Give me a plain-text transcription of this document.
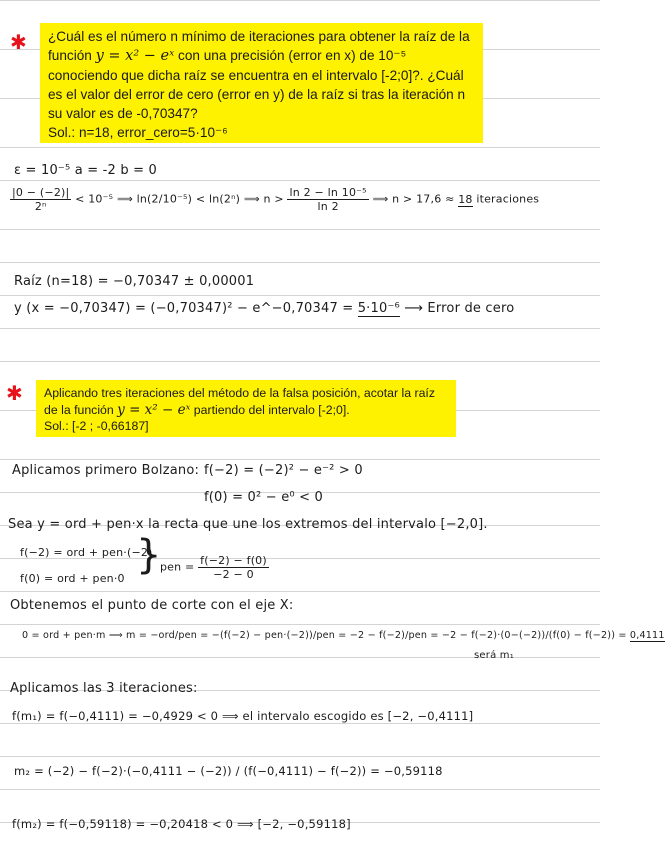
✱	¿Cuál es el número n mínimo de iteraciones para obtener la raíz de la función y = x² − eˣ con una precisión (error en x) de 10⁻⁵ conociendo que dicha raíz se encuentra en el intervalo [-2;0]?. ¿Cuál es el valor del error de cero (error en y) de la raíz si tras la iteración n su valor es de -0,70347?
Sol.: n=18, error_cero=5·10⁻⁶
ε = 10⁻⁵ a = -2 b = 0
$\frac{|0 - (-2)|}{\text{2ⁿ}} < 10^{-5}$ ⟹ ln(2/10⁻⁵) < ln(2ⁿ) ⟹ $n > \frac{\text{ln 2 − ln 10⁻⁵}}{\ln 2}$ ⟹ n > 17,6 ≈ 18 iteraciones
Raíz (n=18) = −0,70347 ± 0,00001
y (x = −0,70347) = (−0,70347)² − e^−0,70347 = 5·10⁻⁶ ⟶ Error de cero
✱	Aplicando tres iteraciones del método de la falsa posición, acotar la raíz de la función y = x² − eˣ partiendo del intervalo [-2;0].
Sol.: [-2 ; -0,66187]
Aplicamos primero Bolzano: f(−2) = (−2)² − e⁻² > 0
f(0) = 0² − e⁰ < 0
Sea y = ord + pen·x la recta que une los extremos del intervalo [−2,0].
}
f(−2) = ord + pen·(−2)
f(0) = ord + pen·0
pen = $\frac{f(-2) - f(0)}{-2 - 0}$
Obtenemos el punto de corte con el eje X:
0 = ord + pen·m ⟹ m = −ord/pen = −(f(−2) − pen·(−2))/pen = −2 − f(−2)/pen = −2 − f(−2)·(0−(−2))/(f(0) − f(−2)) = 0,4111
será m₁
Aplicamos las 3 iteraciones:
f(m₁) = f(−0,4111) = −0,4929 < 0 ⟹ el intervalo escogido es [−2, −0,4111]
m₂ = (−2) − f(−2)·(−0,4111 − (−2)) / (f(−0,4111) − f(−2)) = −0,59118
f(m₂) = f(−0,59118) = −0,20418 < 0 ⟹ [−2, −0,59118]
